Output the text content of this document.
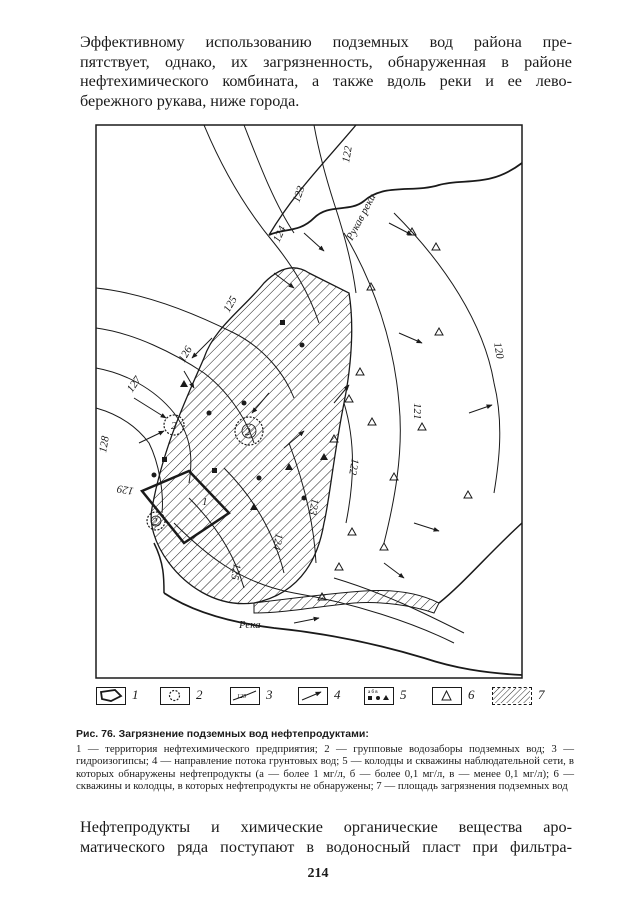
Эффективному использованию подземных вод района пре-
пятствует, однако, их загрязненность, обнаруженная в районе
нефтехимического комбината, а также вдоль реки и ее лево-
бережного рукава, ниже города.
Рукав реки
Река
128
127
126
125
124
123
122
121
120
129
122
123
124
125
1
2	2
2
1	2	125 3	4	а б в 5	6	7
Рис. 76. Загрязнение подземных вод нефтепродуктами:
1 — территория нефтехимического предприятия; 2 — групповые водозаборы подземных вод; 3 — гидроизогипсы; 4 — направление потока грунтовых вод; 5 — колодцы и скважины наблюдательной сети, в которых обнаружены нефтепродукты (а — более 1 мг/л, б — более 0,1 мг/л, в — менее 0,1 мг/л); 6 — скважины и колодцы, в которых нефтепродукты не обнаружены; 7 — площадь загрязнения подземных вод
Нефтепродукты и химические органические вещества аро-
матического ряда поступают в водоносный пласт при фильтра-
214
